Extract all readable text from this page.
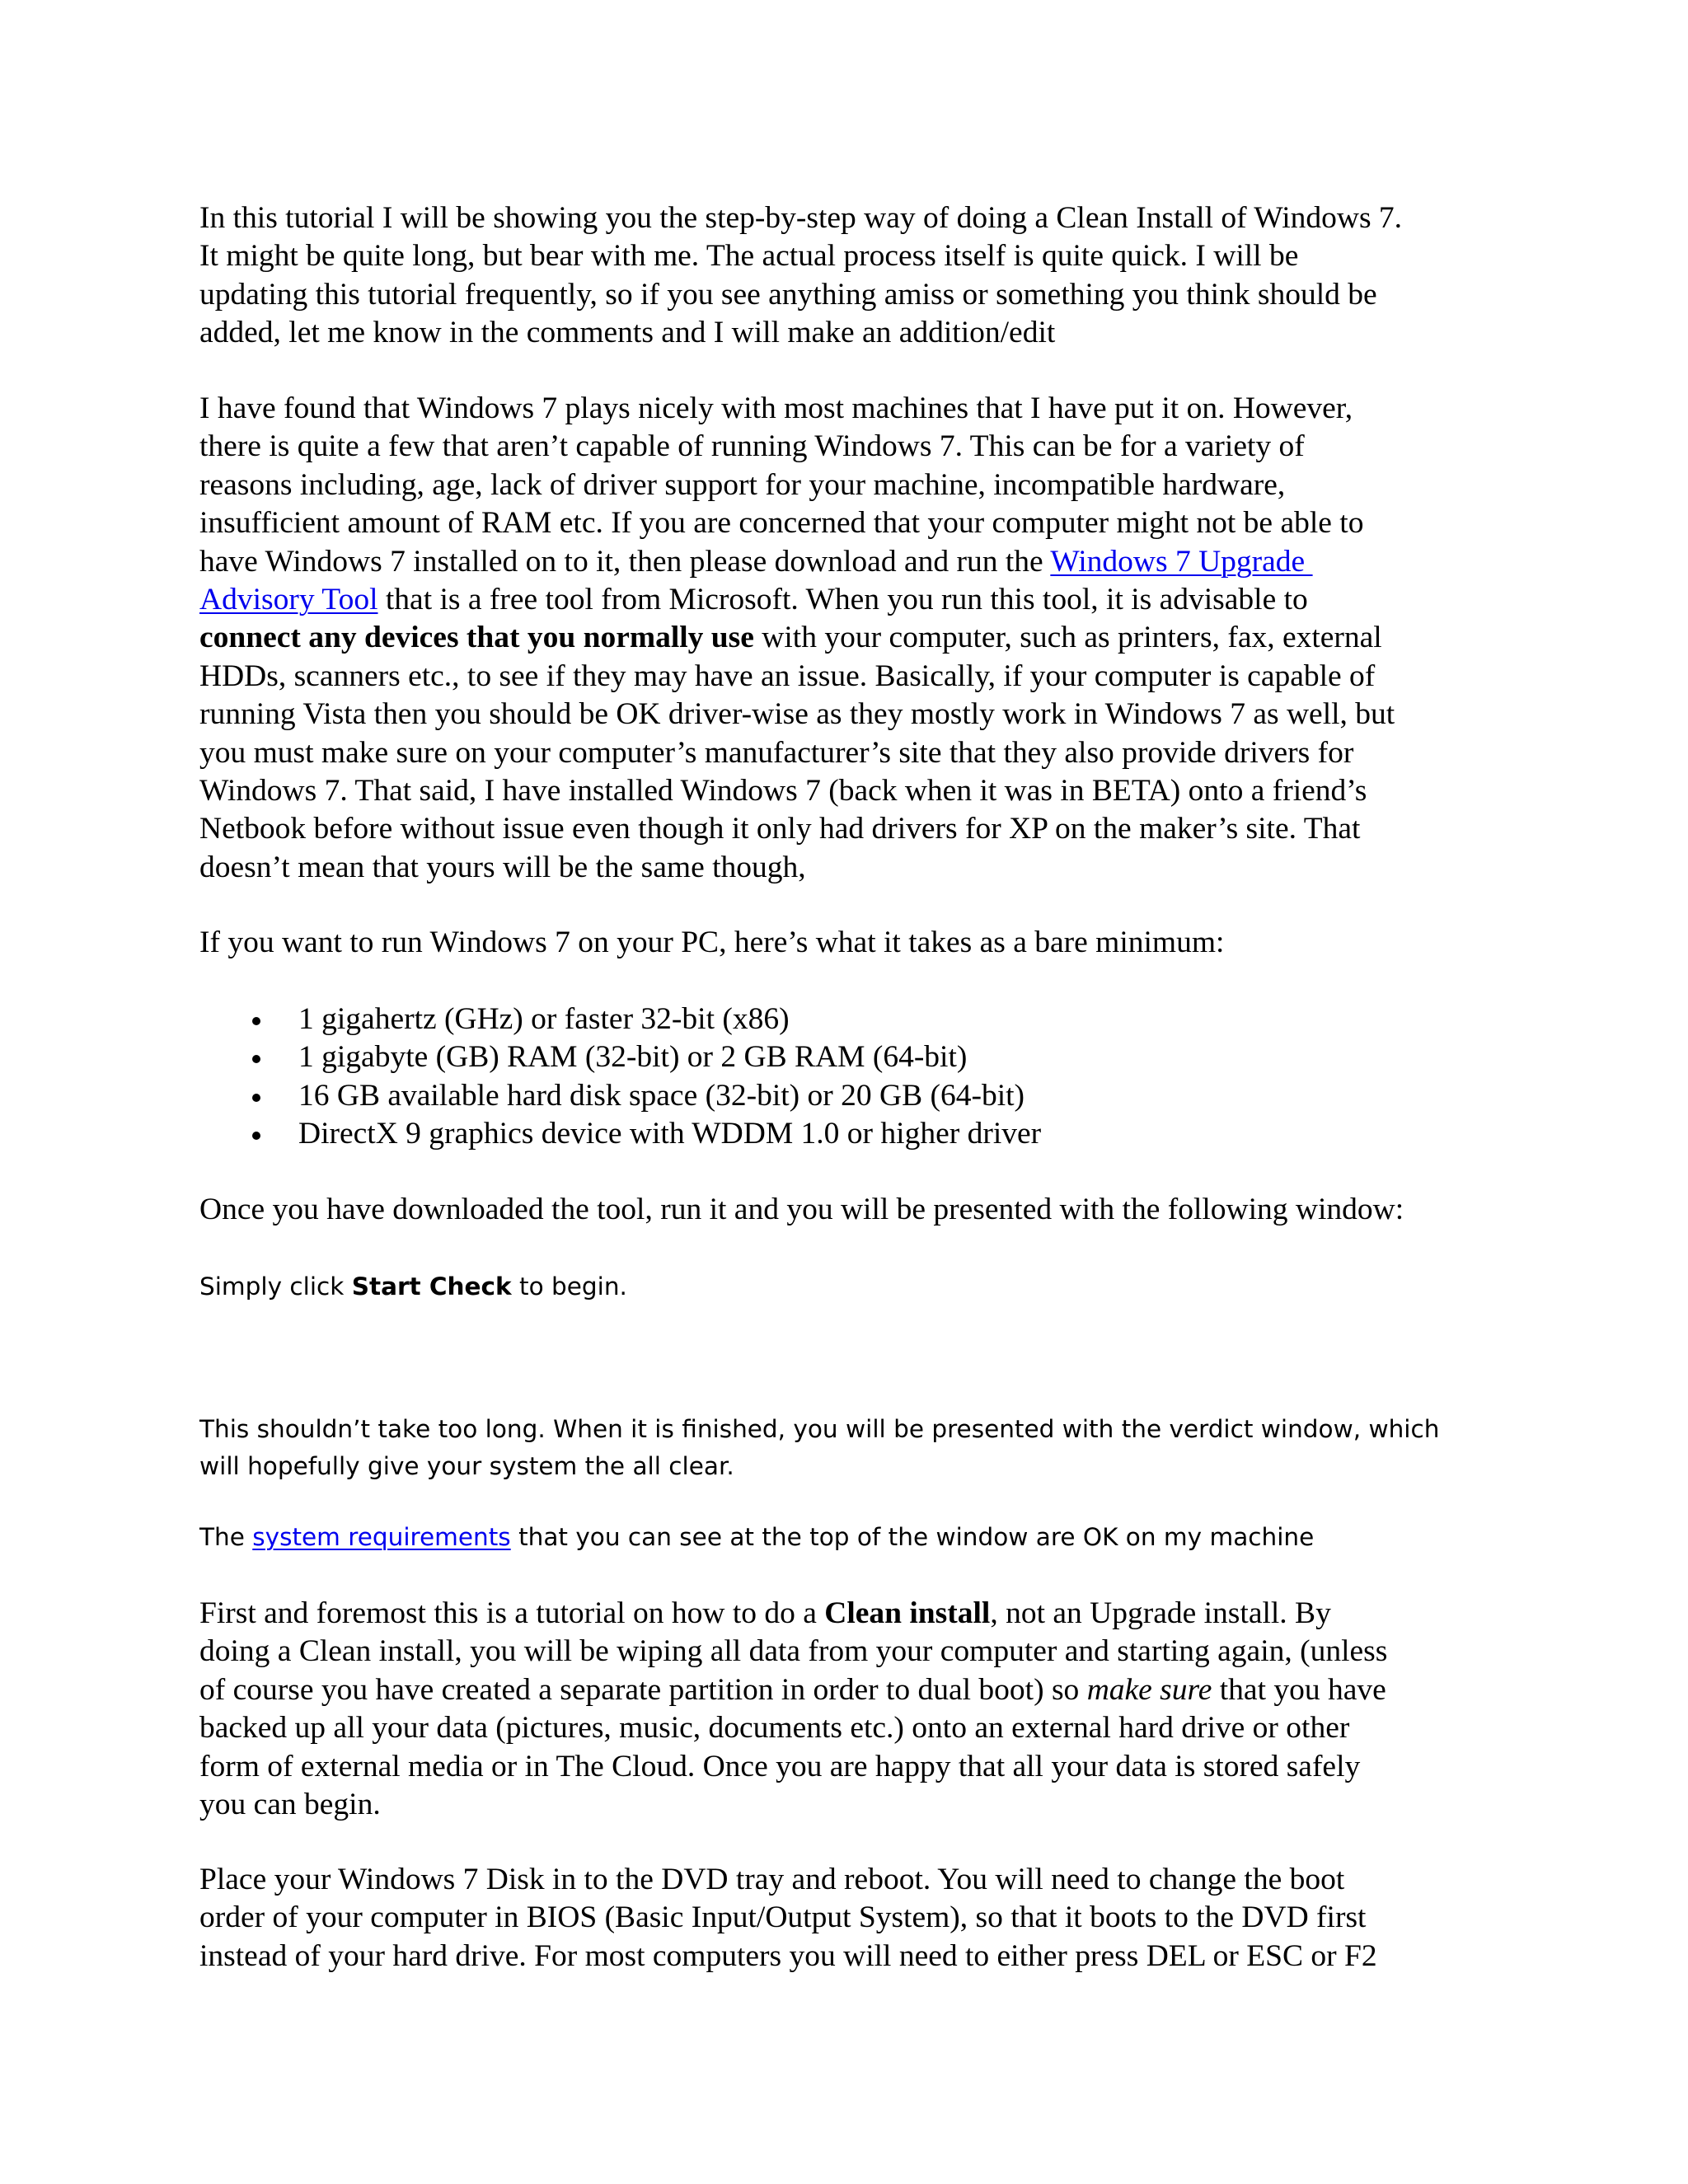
In this tutorial I will be showing you the step-by-step way of doing a Clean Install of Windows 7.
It might be quite long, but bear with me. The actual process itself is quite quick. I will be
updating this tutorial frequently, so if you see anything amiss or something you think should be
added, let me know in the comments and I will make an addition/edit
I have found that Windows 7 plays nicely with most machines that I have put it on. However,
there is quite a few that aren’t capable of running Windows 7. This can be for a variety of
reasons including, age, lack of driver support for your machine, incompatible hardware,
insufficient amount of RAM etc. If you are concerned that your computer might not be able to
have Windows 7 installed on to it, then please download and run the Windows 7 Upgrade
Advisory Tool that is a free tool from Microsoft. When you run this tool, it is advisable to
connect any devices that you normally use with your computer, such as printers, fax, external
HDDs, scanners etc., to see if they may have an issue. Basically, if your computer is capable of
running Vista then you should be OK driver-wise as they mostly work in Windows 7 as well, but
you must make sure on your computer’s manufacturer’s site that they also provide drivers for
Windows 7. That said, I have installed Windows 7 (back when it was in BETA) onto a friend’s
Netbook before without issue even though it only had drivers for XP on the maker’s site. That
doesn’t mean that yours will be the same though,
If you want to run Windows 7 on your PC, here’s what it takes as a bare minimum:
1 gigahertz (GHz) or faster 32-bit (x86)
1 gigabyte (GB) RAM (32-bit) or 2 GB RAM (64-bit)
16 GB available hard disk space (32-bit) or 20 GB (64-bit)
DirectX 9 graphics device with WDDM 1.0 or higher driver
Once you have downloaded the tool, run it and you will be presented with the following window:
Simply click Start Check to begin.
This shouldn’t take too long. When it is finished, you will be presented with the verdict window, which
will hopefully give your system the all clear.
The system requirements that you can see at the top of the window are OK on my machine
First and foremost this is a tutorial on how to do a Clean install, not an Upgrade install. By
doing a Clean install, you will be wiping all data from your computer and starting again, (unless
of course you have created a separate partition in order to dual boot) so make sure that you have
backed up all your data (pictures, music, documents etc.) onto an external hard drive or other
form of external media or in The Cloud. Once you are happy that all your data is stored safely
you can begin.
Place your Windows 7 Disk in to the DVD tray and reboot. You will need to change the boot
order of your computer in BIOS (Basic Input/Output System), so that it boots to the DVD first
instead of your hard drive. For most computers you will need to either press DEL or ESC or F2
